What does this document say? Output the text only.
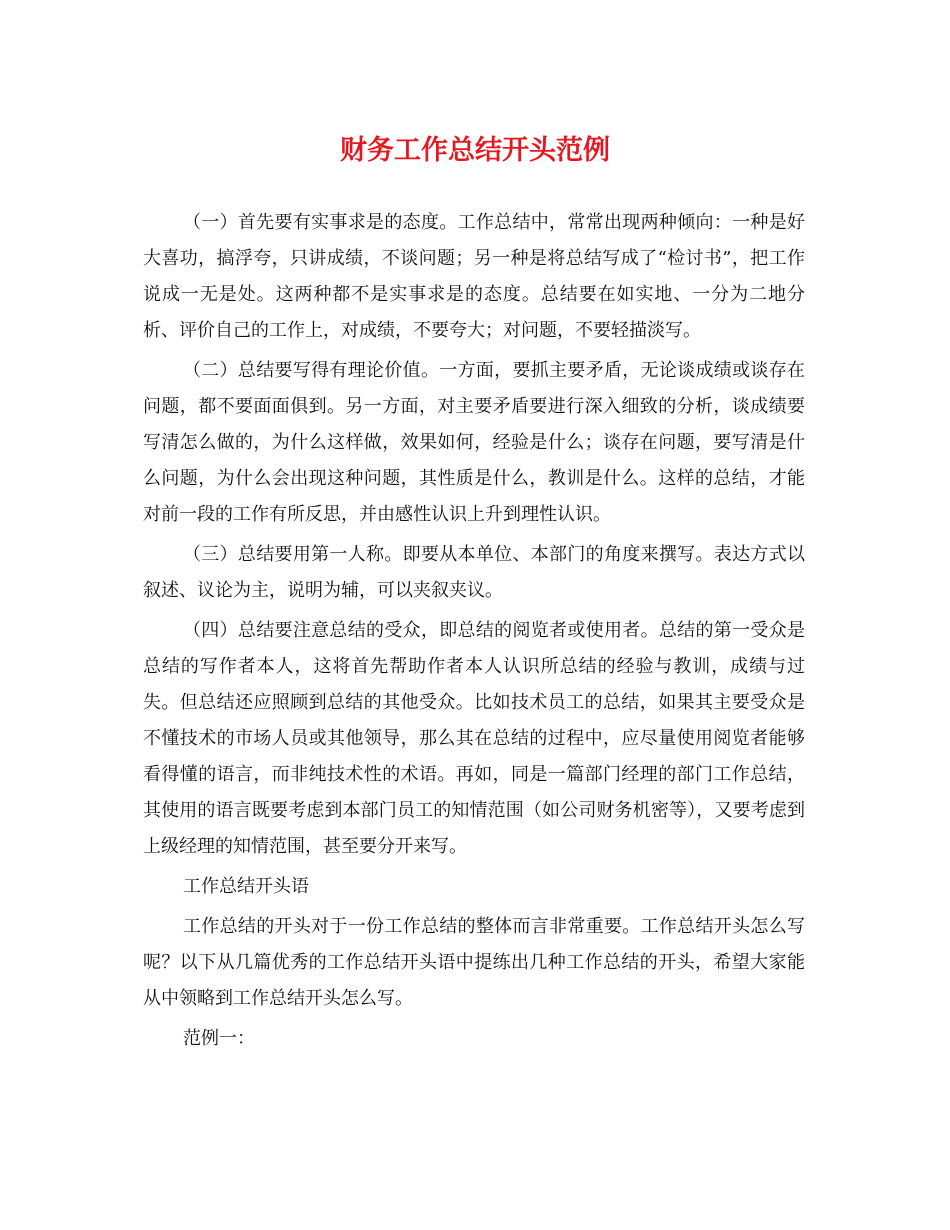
财务工作总结开头范例

（一）首先要有实事求是的态度。工作总结中，常常出现两种倾向：一种是好大喜功，搞浮夸，只讲成绩，不谈问题；另一种是将总结写成了“检讨书”，把工作说成一无是处。这两种都不是实事求是的态度。总结要在如实地、一分为二地分析、评价自己的工作上，对成绩，不要夸大；对问题，不要轻描淡写。

（二）总结要写得有理论价值。一方面，要抓主要矛盾，无论谈成绩或谈存在问题，都不要面面俱到。另一方面，对主要矛盾要进行深入细致的分析，谈成绩要写清怎么做的，为什么这样做，效果如何，经验是什么；谈存在问题，要写清是什么问题，为什么会出现这种问题，其性质是什么，教训是什么。这样的总结，才能对前一段的工作有所反思，并由感性认识上升到理性认识。

（三）总结要用第一人称。即要从本单位、本部门的角度来撰写。表达方式以叙述、议论为主，说明为辅，可以夹叙夹议。

（四）总结要注意总结的受众，即总结的阅览者或使用者。总结的第一受众是总结的写作者本人，这将首先帮助作者本人认识所总结的经验与教训，成绩与过失。但总结还应照顾到总结的其他受众。比如技术员工的总结，如果其主要受众是不懂技术的市场人员或其他领导，那么其在总结的过程中，应尽量使用阅览者能够看得懂的语言，而非纯技术性的术语。再如，同是一篇部门经理的部门工作总结，其使用的语言既要考虑到本部门员工的知情范围（如公司财务机密等），又要考虑到上级经理的知情范围，甚至要分开来写。

工作总结开头语

工作总结的开头对于一份工作总结的整体而言非常重要。工作总结开头怎么写呢？以下从几篇优秀的工作总结开头语中提练出几种工作总结的开头，希望大家能从中领略到工作总结开头怎么写。

范例一：
